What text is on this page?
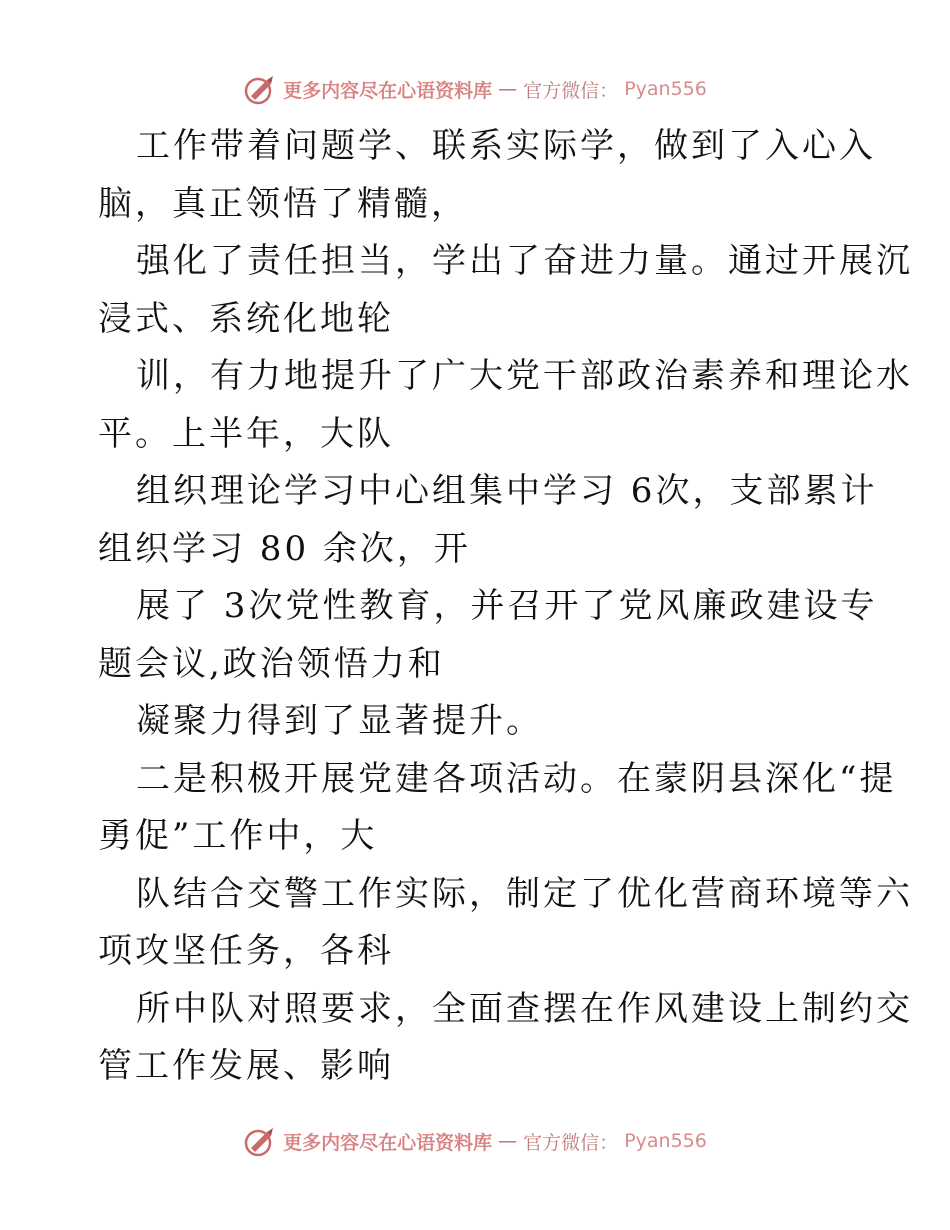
更多内容尽在心语资料库 — 官方微信： Pyan556
工作带着问题学、联系实际学，做到了入心入
脑，真正领悟了精髓，
强化了责任担当，学出了奋进力量。通过开展沉
浸式、系统化地轮
训，有力地提升了广大党干部政治素养和理论水
平。上半年，大队
组织理论学习中心组集中学习 6次，支部累计
组织学习 80 余次，开
展了 3次党性教育，并召开了党风廉政建设专
题会议,政治领悟力和
凝聚力得到了显著提升。
二是积极开展党建各项活动。在蒙阴县深化“提
勇促”工作中，大
队结合交警工作实际，制定了优化营商环境等六
项攻坚任务，各科
所中队对照要求，全面查摆在作风建设上制约交
管工作发展、影响
更多内容尽在心语资料库 — 官方微信： Pyan556
